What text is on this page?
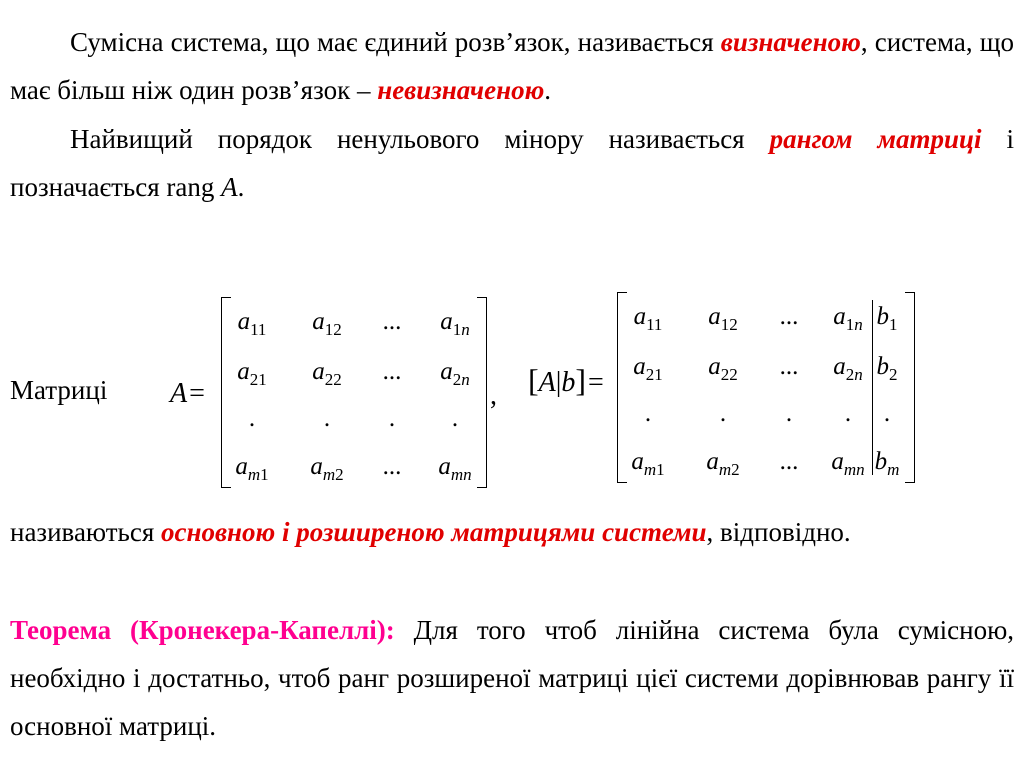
Сумісна система, що має єдиний розв’язок, називається визначеною, система, що має більш ніж один розв’язок – невизначеною.
Найвищий порядок ненульового мінору називається рангом матриці і позначається rang A.
Матриці A=
$a_{11}$	$a_{12}$	...	$a_{1n}$
$a_{21}$	$a_{22}$	...	$a_{2n}$
.	.	.	.
$a_{m1}$	$a_{m2}$	...	$a_{mn}$
, [A|b]=
$a_{11}$	$a_{12}$	...	$a_{1n}$ $b_1$
$a_{21}$	$a_{22}$	...	$a_{2n}$ $b_2$
.	.	.	.	.
$a_{m1}$	$a_{m2}$	...	$a_{mn}$ $b_m$
називаються основною і розширеною матрицями системи, відповідно.
Теорема (Кронекера-Капеллі): Для того чтоб лінійна система була сумісною, необхідно і достатньо, чтоб ранг розширеної матриці цієї системи дорівнював рангу її основної матриці.
